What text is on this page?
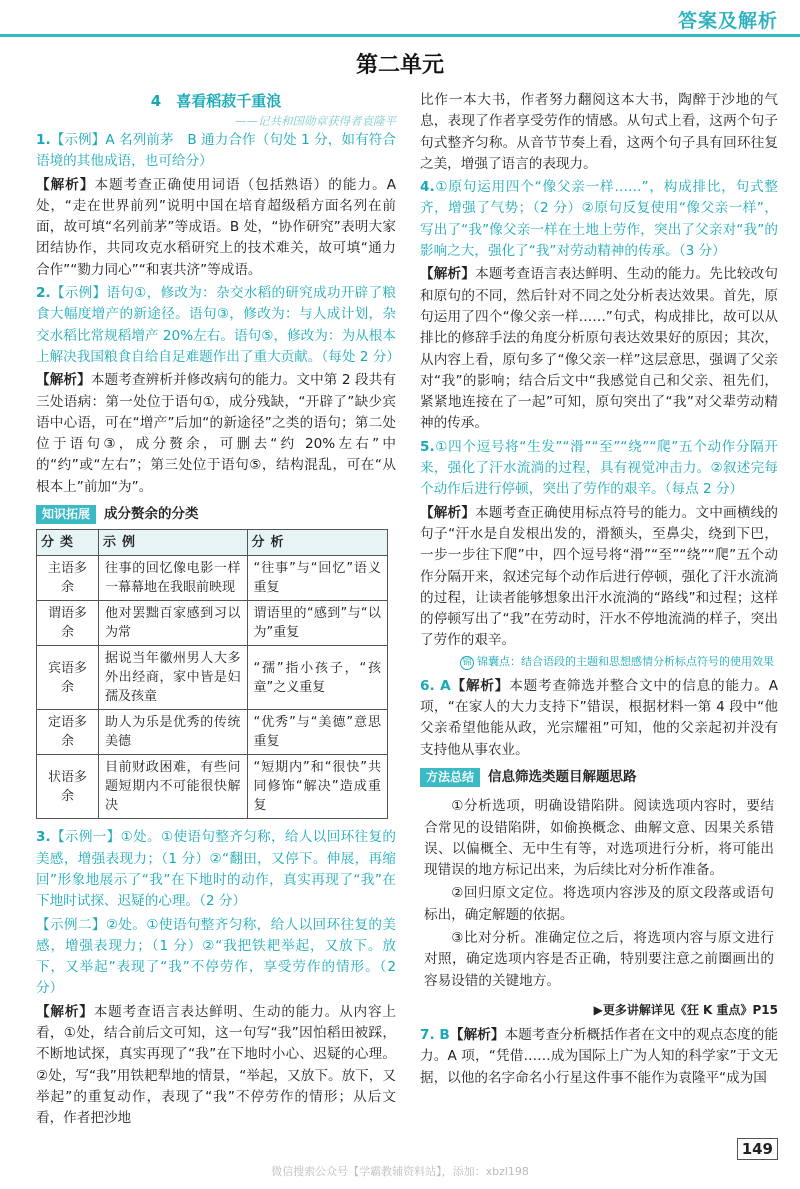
答案及解析
第二单元
4　喜看稻菽千重浪
——记共和国勋章获得者袁隆平
1.【示例】A 名列前茅　B 通力合作（句处 1 分，如有符合语境的其他成语，也可给分）
【解析】本题考查正确使用词语（包括熟语）的能力。A 处，“走在世界前列”说明中国在培育超级稻方面名列在前面，故可填“名列前茅”等成语。B 处，“协作研究”表明大家团结协作，共同攻克水稻研究上的技术难关，故可填“通力合作”“勠力同心”“和衷共济”等成语。
2.【示例】语句①，修改为：杂交水稻的研究成功开辟了粮食大幅度增产的新途径。语句③，修改为：与人成计划，杂交水稻比常规稻增产 20%左右。语句⑤，修改为：为从根本上解决我国粮食自给自足难题作出了重大贡献。（每处 2 分）
【解析】本题考查辨析并修改病句的能力。文中第 2 段共有三处语病：第一处位于语句①，成分残缺，“开辟了”缺少宾语中心语，可在“增产”后加“的新途径”之类的语句；第二处位于语句③，成分赘余，可删去“约 20%左右”中的“约”或“左右”；第三处位于语句⑤，结构混乱，可在“从根本上”前加“为”。
知识拓展	成分赘余的分类
分类	示例	分析
主语多余	往事的回忆像电影一样一幕幕地在我眼前映现	“往事”与“回忆”语义重复
谓语多余	他对罢黜百家感到习以为常	谓语里的“感到”与“以为”重复
宾语多余	据说当年徽州男人大多外出经商，家中皆是妇孺及孩童	“孺”指小孩子，“孩童”之义重复
定语多余	助人为乐是优秀的传统美德	“优秀”与“美德”意思重复
状语多余	目前财政困难，有些问题短期内不可能很快解决	“短期内”和“很快”共同修饰“解决”造成重复
3.【示例一】①处。①使语句整齐匀称，给人以回环往复的美感，增强表现力；（1 分）②“翻田，又停下。伸展，再缩回”形象地展示了“我”在下地时的动作，真实再现了“我”在下地时试探、迟疑的心理。（2 分）
【示例二】②处。①使语句整齐匀称，给人以回环往复的美感，增强表现力；（1 分）②“我把铁耙举起，又放下。放下，又举起”表现了“我”不停劳作，享受劳作的情形。（2 分）
【解析】本题考查语言表达鲜明、生动的能力。从内容上看，①处，结合前后文可知，这一句写“我”因怕稻田被踩，不断地试探，真实再现了“我”在下地时小心、迟疑的心理。②处，写“我”用铁耙犁地的情景，“举起，又放下。放下，又举起”的重复动作，表现了“我”不停劳作的情形；从后文看，作者把沙地
比作一本大书，作者努力翻阅这本大书，陶醉于沙地的气息，表现了作者享受劳作的情感。从句式上看，这两个句子句式整齐匀称。从音节节奏上看，这两个句子具有回环往复之美，增强了语言的表现力。
4.①原句运用四个“像父亲一样……”，构成排比，句式整齐，增强了气势；（2 分）②原句反复使用“像父亲一样”，写出了“我”像父亲一样在土地上劳作，突出了父亲对“我”的影响之大，强化了“我”对劳动精神的传承。（3 分）
【解析】本题考查语言表达鲜明、生动的能力。先比较改句和原句的不同，然后针对不同之处分析表达效果。首先，原句运用了四个“像父亲一样……”句式，构成排比，故可以从排比的修辞手法的角度分析原句表达效果好的原因；其次，从内容上看，原句多了“像父亲一样”这层意思，强调了父亲对“我”的影响；结合后文中“我感觉自己和父亲、祖先们，紧紧地连接在了一起”可知，原句突出了“我”对父辈劳动精神的传承。
5.①四个逗号将“生发”“滑”“至”“绕”“爬”五个动作分隔开来，强化了汗水流淌的过程，具有视觉冲击力。②叙述完每个动作后进行停顿，突出了劳作的艰辛。（每点 2 分）
【解析】本题考查正确使用标点符号的能力。文中画横线的句子“汗水是自发根出发的，滑额头，至鼻尖，绕到下巴，一步一步往下爬”中，四个逗号将“滑”“至”“绕”“爬”五个动作分隔开来，叙述完每个动作后进行停顿，强化了汗水流淌的过程，让读者能够想象出汗水流淌的“路线”和过程；这样的停顿写出了“我”在劳动时，汗水不停地流淌的样子，突出了劳作的艰辛。
锦 锦囊点：结合语段的主题和思想感情分析标点符号的使用效果
6. A【解析】本题考查筛选并整合文中的信息的能力。A 项，“在家人的大力支持下”错误，根据材料一第 4 段中“他父亲希望他能从政，光宗耀祖”可知，他的父亲起初并没有支持他从事农业。
方法总结	信息筛选类题目解题思路
①分析选项，明确设错陷阱。阅读选项内容时，要结合常见的设错陷阱，如偷换概念、曲解文意、因果关系错误、以偏概全、无中生有等，对选项进行分析，将可能出现错误的地方标记出来，为后续比对分析作准备。
②回归原文定位。将选项内容涉及的原文段落或语句标出，确定解题的依据。
③比对分析。准确定位之后，将选项内容与原文进行对照，确定选项内容是否正确，特别要注意之前圈画出的容易设错的关键地方。
▶更多讲解详见《狂 K 重点》P15
7. B【解析】本题考查分析概括作者在文中的观点态度的能力。A 项，“凭借……成为国际上广为人知的科学家”于文无据，以他的名字命名小行星这件事不能作为袁隆平“成为国
149
微信搜索公众号【学霸教辅资料站】，添加：xbzl198
